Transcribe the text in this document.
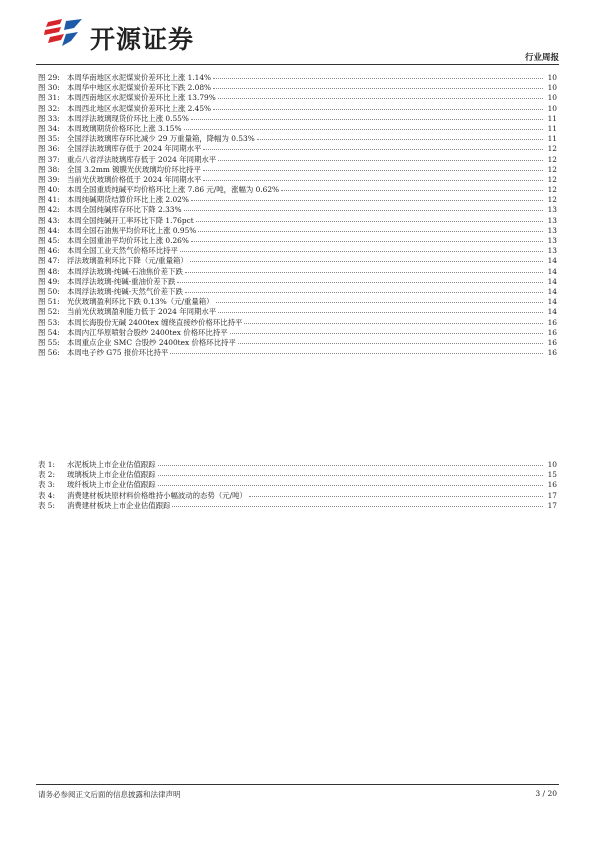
开源证券
行业周报
图 29: 本周华南地区水泥煤炭价差环比上涨 1.14%	10
图 30: 本周华中地区水泥煤炭价差环比下跌 2.08%	10
图 31: 本周西南地区水泥煤炭价差环比上涨 13.79%	10
图 32: 本周西北地区水泥煤炭价差环比上涨 2.45%	10
图 33: 本周浮法玻璃现货价环比上涨 0.55%	11
图 34: 本周玻璃期货价格环比上涨 3.15%	11
图 35: 全国浮法玻璃库存环比减少 29 万重量箱，降幅为 0.53%	11
图 36: 全国浮法玻璃库存低于 2024 年同期水平	12
图 37: 重点八省浮法玻璃库存低于 2024 年同期水平	12
图 38: 全国 3.2mm 镀膜光伏玻璃均价环比持平	12
图 39: 当前光伏玻璃价格低于 2024 年同期水平	12
图 40: 本周全国重质纯碱平均价格环比上涨 7.86 元/吨，涨幅为 0.62%	12
图 41: 本周纯碱期货结算价环比上涨 2.02%	12
图 42: 本周全国纯碱库存环比下降 2.33%	13
图 43: 本周全国纯碱开工率环比下降 1.76pct	13
图 44: 本周全国石油焦平均价环比上涨 0.95%	13
图 45: 本周全国重油平均价环比上涨 0.26%	13
图 46: 本周全国工业天然气价格环比持平	13
图 47: 浮法玻璃盈利环比下降（元/重量箱）	14
图 48: 本周浮法玻璃-纯碱-石油焦价差下跌	14
图 49: 本周浮法玻璃-纯碱-重油价差下跌	14
图 50: 本周浮法玻璃-纯碱-天然气价差下跌	14
图 51: 光伏玻璃盈利环比下跌 0.13%（元/重量箱）	14
图 52: 当前光伏玻璃盈利能力低于 2024 年同期水平	14
图 53: 本周长海股份无碱 2400tex 缠绕直接纱价格环比持平	16
图 54: 本周内江华原喷射合股纱 2400tex 价格环比持平	16
图 55: 本周重点企业 SMC 合股纱 2400tex 价格环比持平	16
图 56: 本周电子纱 G75 报价环比持平	16
表 1:	水泥板块上市企业估值跟踪	10
表 2:	玻璃板块上市企业估值跟踪	15
表 3:	玻纤板块上市企业估值跟踪	16
表 4:	消费建材板块原材料价格维持小幅波动的态势（元/吨）	17
表 5:	消费建材板块上市企业估值跟踪	17
请务必参阅正文后面的信息披露和法律声明	3 / 20
